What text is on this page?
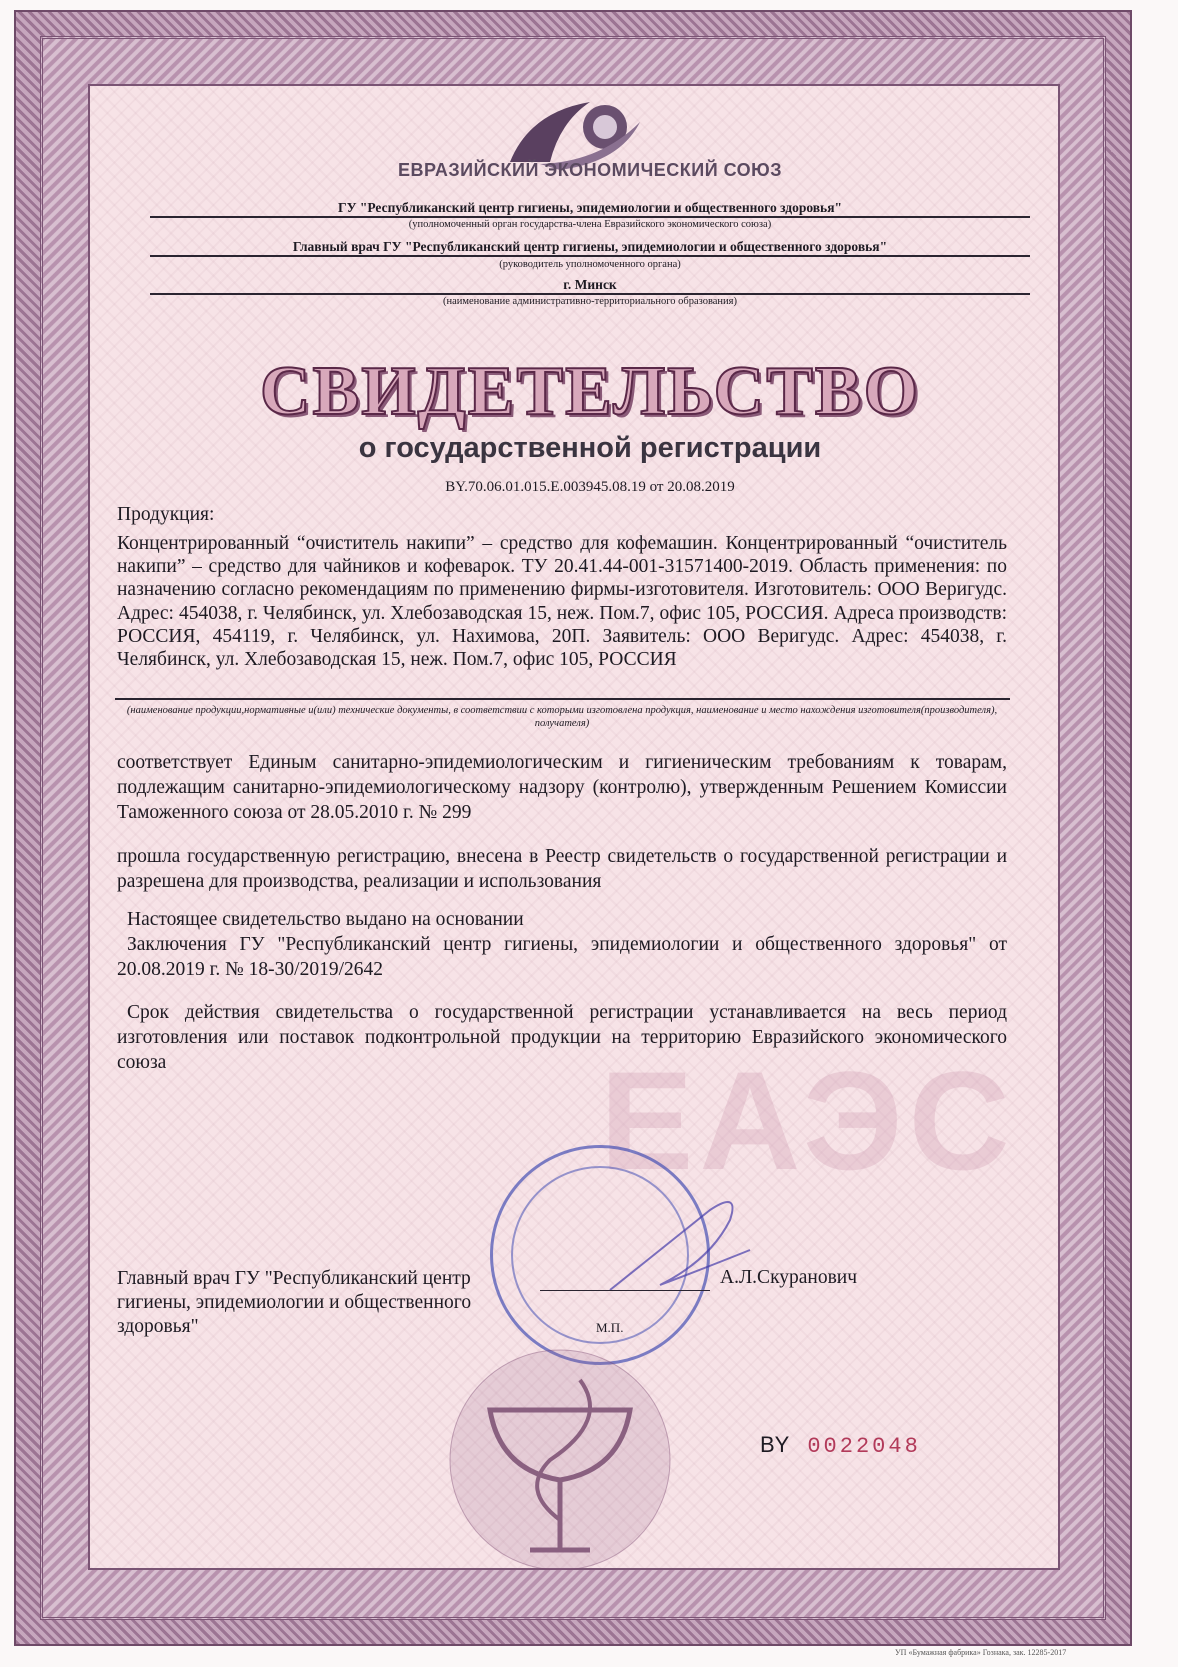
ЕВРАЗИЙСКИЙ ЭКОНОМИЧЕСКИЙ СОЮЗ
ГУ "Республиканский центр гигиены, эпидемиологии и общественного здоровья"
(уполномоченный орган государства-члена Евразийского экономического союза)
Главный врач ГУ "Республиканский центр гигиены, эпидемиологии и общественного здоровья"
(руководитель уполномоченного органа)
г. Минск
(наименование административно-территориального образования)
СВИДЕТЕЛЬСТВО
о государственной регистрации
BY.70.06.01.015.E.003945.08.19 от 20.08.2019
ЕАЭС
Продукция:
Концентрированный “очиститель накипи” – средство для кофемашин. Концентрированный “очиститель накипи” – средство для чайников и кофеварок. ТУ 20.41.44-001-31571400-2019. Область применения: по назначению согласно рекомендациям по применению фирмы-изготовителя. Изготовитель: ООО Веригудс. Адрес: 454038, г. Челябинск, ул. Хлебозаводская 15, неж. Пом.7, офис 105, РОССИЯ. Адреса производств: РОССИЯ, 454119, г. Челябинск, ул. Нахимова, 20П. Заявитель: ООО Веригудс. Адрес: 454038, г. Челябинск, ул. Хлебозаводская 15, неж. Пом.7, офис 105, РОССИЯ
(наименование продукции,нормативные и(или) технические документы, в соответствии с которыми изготовлена продукция, наименование и место нахождения изготовителя(производителя), получателя)
соответствует Единым санитарно-эпидемиологическим и гигиеническим требованиям к товарам, подлежащим санитарно-эпидемиологическому надзору (контролю), утвержденным Решением Комиссии Таможенного союза от 28.05.2010 г. № 299
прошла государственную регистрацию, внесена в Реестр свидетельств о государственной регистрации и разрешена для производства, реализации и использования
Настоящее свидетельство выдано на основании
Заключения ГУ "Республиканский центр гигиены, эпидемиологии и общественного здоровья" от 20.08.2019 г. № 18-30/2019/2642
Срок действия свидетельства о государственной регистрации устанавливается на весь период изготовления или поставок подконтрольной продукции на территорию Евразийского экономического союза
Главный врач ГУ "Республиканский центр гигиены, эпидемиологии и общественного здоровья"	М.П.
А.Л.Скуранович
BY 0022048
УП «Бумажная фабрика» Гознака, зак. 12285-2017
